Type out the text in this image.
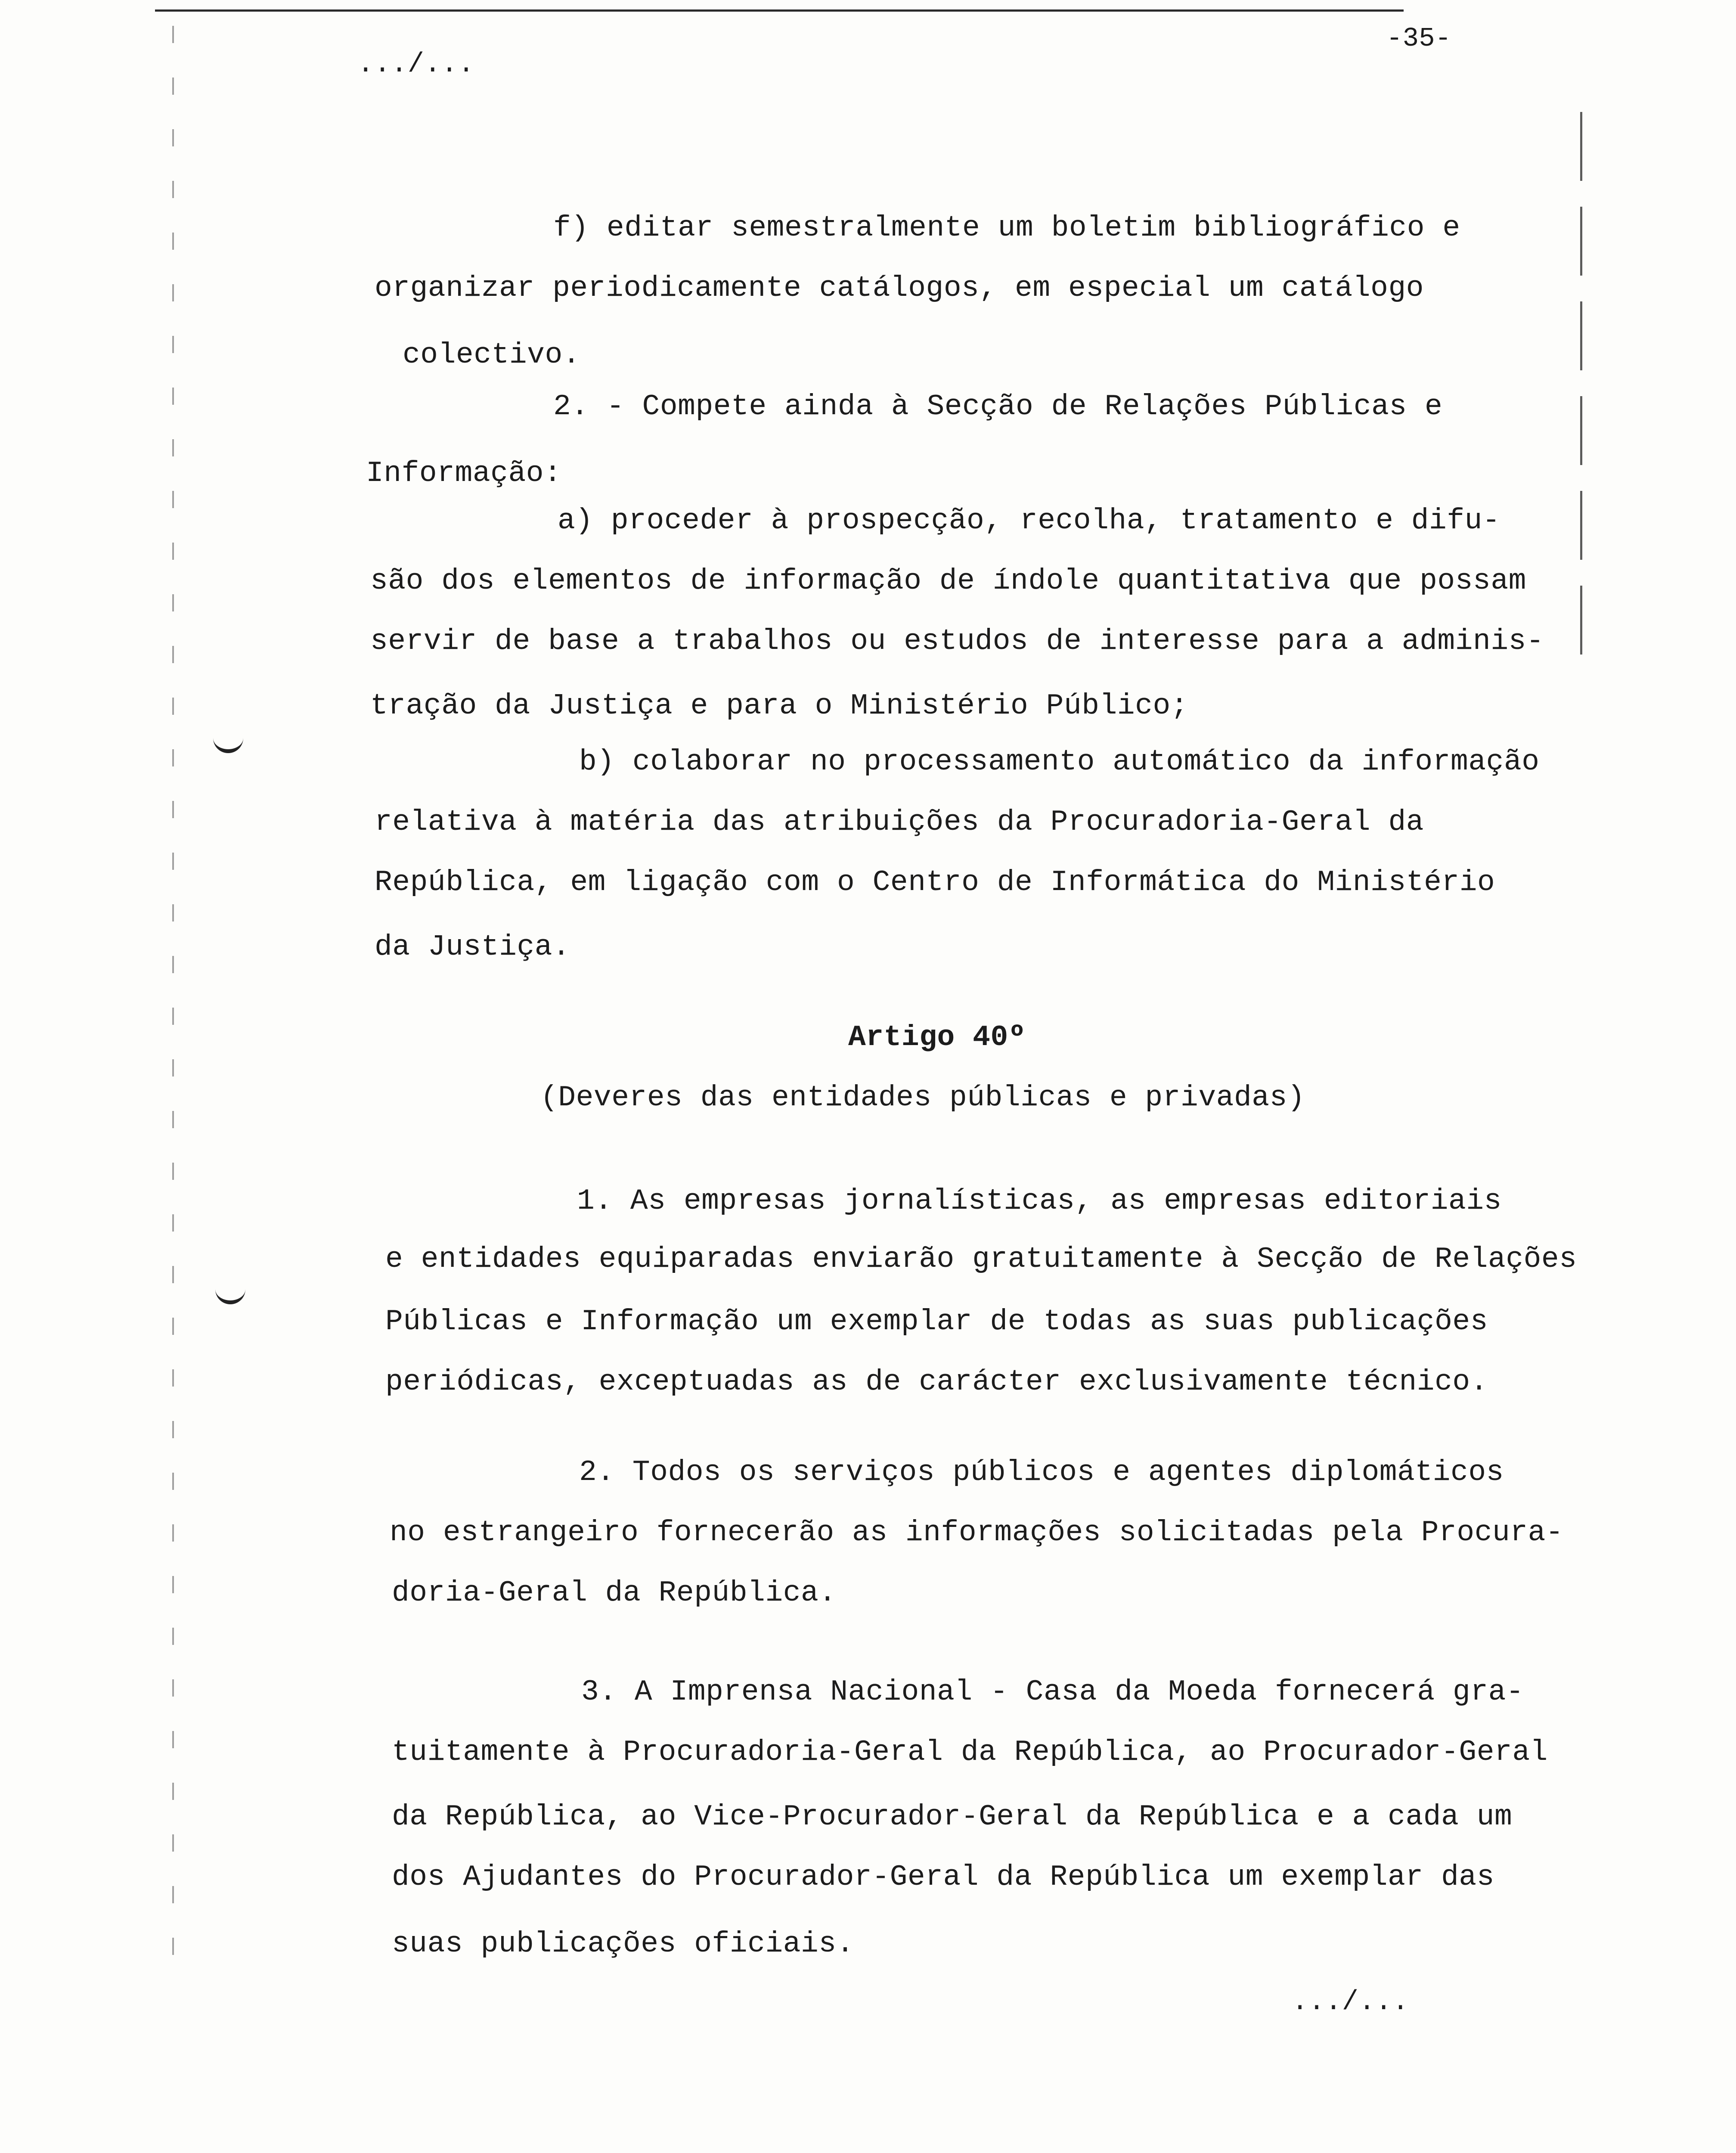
-35-
.../...
f) editar semestralmente um boletim bibliográfico e
organizar periodicamente catálogos, em especial um catálogo
colectivo.
2. - Compete ainda à Secção de Relações Públicas e
Informação:
a) proceder à prospecção, recolha, tratamento e difu-
são dos elementos de informação de índole quantitativa que possam
servir de base a trabalhos ou estudos de interesse para a adminis-
tração da Justiça e para o Ministério Público;
b) colaborar no processamento automático da informação
relativa à matéria das atribuições da Procuradoria-Geral da
República, em ligação com o Centro de Informática do Ministério
da Justiça.
Artigo 40º
(Deveres das entidades públicas e privadas)
1. As empresas jornalísticas, as empresas editoriais
e entidades equiparadas enviarão gratuitamente à Secção de Relações
Públicas e Informação um exemplar de todas as suas publicações
periódicas, exceptuadas as de carácter exclusivamente técnico.
2. Todos os serviços públicos e agentes diplomáticos
no estrangeiro fornecerão as informações solicitadas pela Procura-
doria-Geral da República.
3. A Imprensa Nacional - Casa da Moeda fornecerá gra-
tuitamente à Procuradoria-Geral da República, ao Procurador-Geral
da República, ao Vice-Procurador-Geral da República e a cada um
dos Ajudantes do Procurador-Geral da República um exemplar das
suas publicações oficiais.
.../...
